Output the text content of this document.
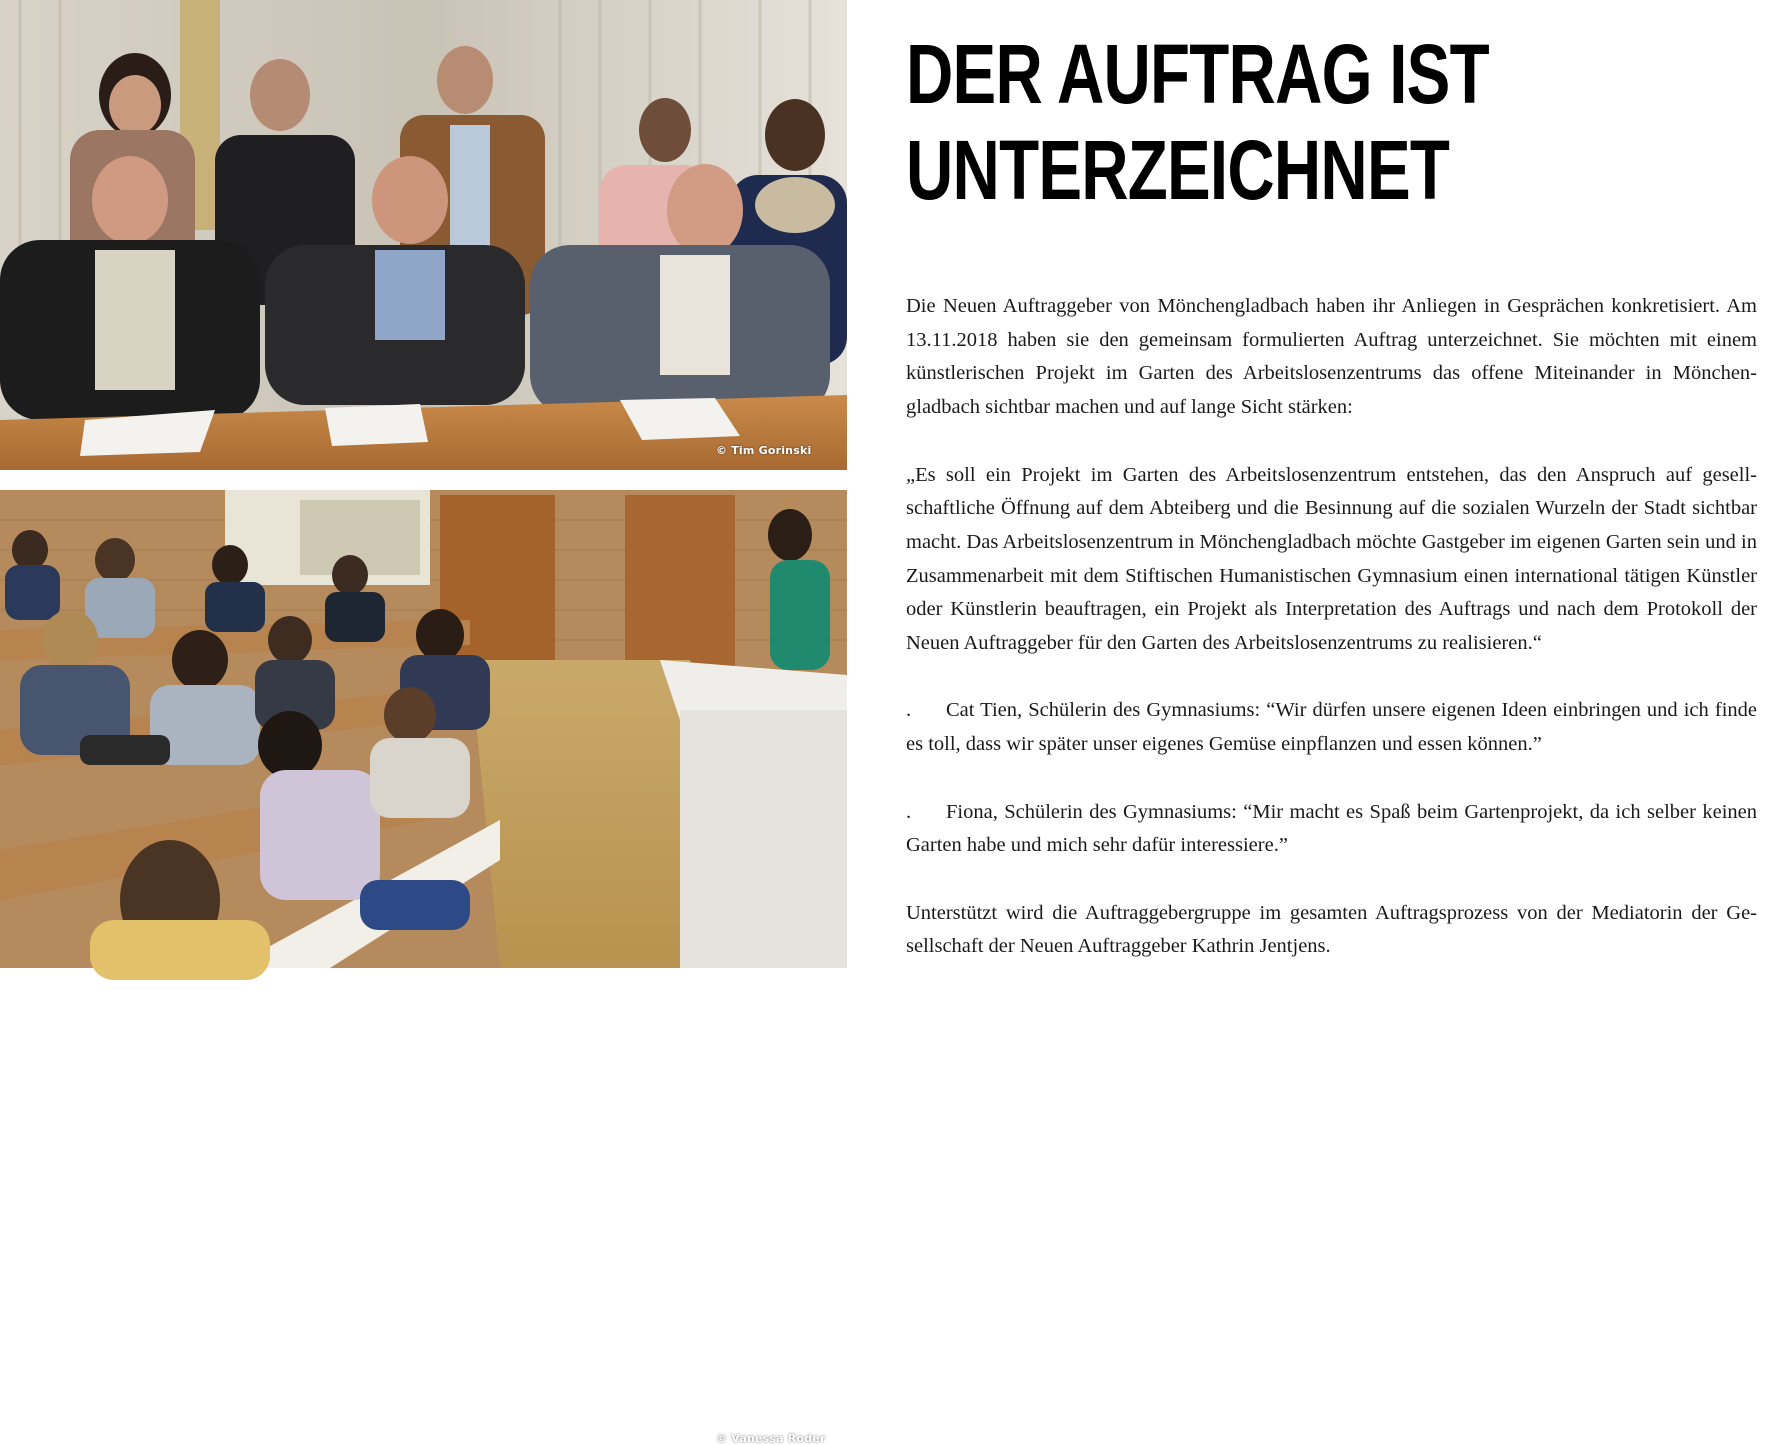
© Tim Gorinski
© Vanessa Roder
DER AUFTRAG IST
UNTERZEICHNET

Die Neuen Auftraggeber von Mönchengladbach haben ihr Anliegen in Gesprächen konkretisiert. Am 13.11.2018 haben sie den gemeinsam formulierten Auftrag unterzeichnet. Sie möchten mit einem künstlerischen Projekt im Garten des Arbeitslosenzentrums das offene Miteinander in Mönchengladbach sichtbar machen und auf lange Sicht stärken:

„Es soll ein Projekt im Garten des Arbeitslosenzentrum entstehen, das den Anspruch auf gesellschaftliche Öffnung auf dem Abteiberg und die Besinnung auf die sozialen Wurzeln der Stadt sichtbar macht. Das Arbeitslosenzentrum in Mönchengladbach möchte Gastgeber im eigenen Garten sein und in Zusammenarbeit mit dem Stiftischen Humanistischen Gymnasium einen international tätigen Künstler oder Künstlerin beauftragen, ein Projekt als Interpretation des Auftrags und nach dem Protokoll der Neuen Auftraggeber für den Garten des Arbeitslosenzentrums zu realisieren.“

. Cat Tien, Schülerin des Gymnasiums: “Wir dürfen unsere eigenen Ideen einbringen und ich finde es toll, dass wir später unser eigenes Gemüse einpflanzen und essen können.”

. Fiona, Schülerin des Gymnasiums: “Mir macht es Spaß beim Gartenprojekt, da ich selber keinen Garten habe und mich sehr dafür interessiere.”

Unterstützt wird die Auftraggebergruppe im gesamten Auftragsprozess von der Mediatorin der Gesellschaft der Neuen Auftraggeber Kathrin Jentjens.
